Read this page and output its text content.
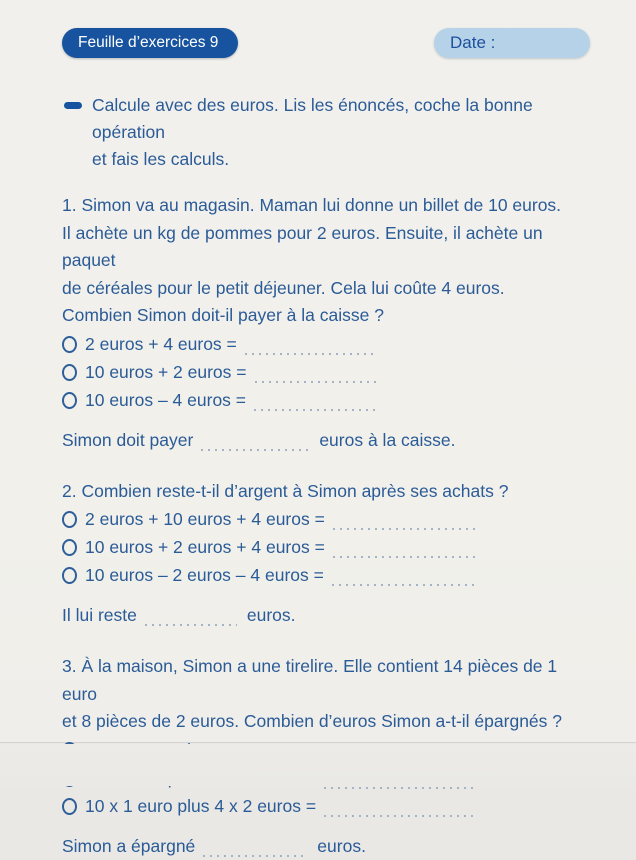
Feuille d’exercices 9	Date :
Calcule avec des euros. Lis les énoncés, coche la bonne opération
et fais les calculs.
1. Simon va au magasin. Maman lui donne un billet de 10 euros.
Il achète un kg de pommes pour 2 euros. Ensuite, il achète un paquet
de céréales pour le petit déjeuner. Cela lui coûte 4 euros.
Combien Simon doit-il payer à la caisse ?
2 euros + 4 euros =
10 euros + 2 euros =
10 euros – 4 euros =
Simon doit payer	euros à la caisse.
2. Combien reste-t-il d’argent à Simon après ses achats ?
2 euros + 10 euros + 4 euros =
10 euros + 2 euros + 4 euros =
10 euros – 2 euros – 4 euros =
Il lui reste	euros.
3. À la maison, Simon a une tirelire. Elle contient 14 pièces de 1 euro
et 8 pièces de 2 euros. Combien d’euros Simon a-t-il épargnés ?
10 x 1 euro plus 4 x 2 euros =
Simon a épargné	euros.
